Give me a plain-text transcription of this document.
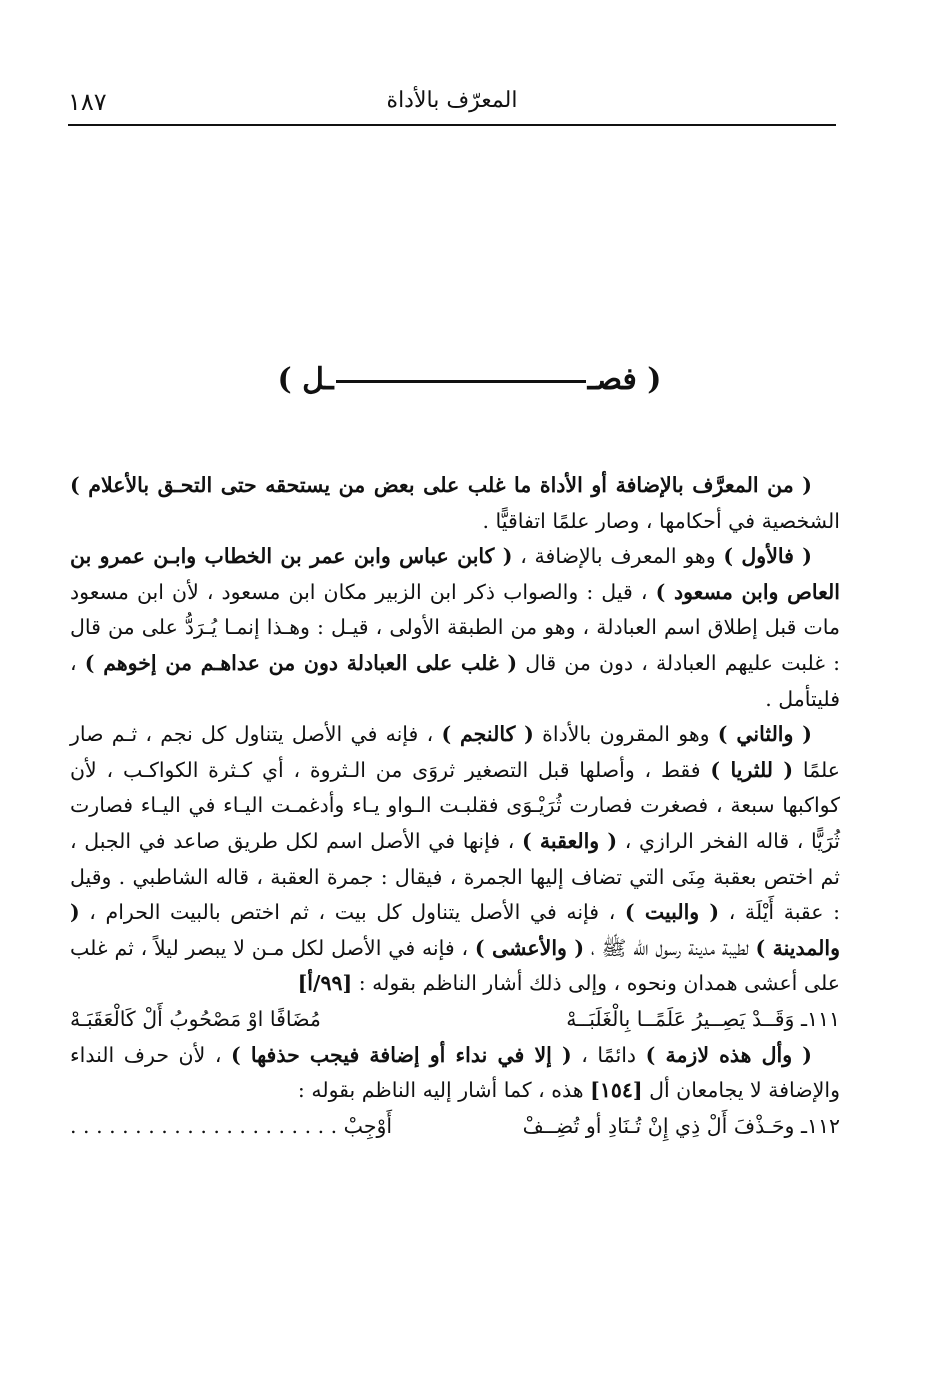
١٨٧	المعرّف بالأداة
( فصــل )

( من المعرَّف بالإضافة أو الأداة ما غلب على بعض من يستحقه حتى التحـق بالأعلام ) الشخصية في أحكامها ، وصار علمًا اتفاقيًّا .

( فالأول ) وهو المعرف بالإضافة ، ( كابن عباس وابن عمر بن الخطاب وابـن عمرو بن العاص وابن مسعود ) ، قيل : والصواب ذكر ابن الزبير مكان ابن مسعود ، لأن ابن مسعود مات قبل إطلاق اسم العبادلة ، وهو من الطبقة الأولى ، قيـل : وهـذا إنمـا يُـرَدُّ على من قال : غلبت عليهم العبادلة ، دون من قال ( غلب على العبادلة دون من عداهـم من إخوهم ) ، فليتأمل .

( والثاني ) وهو المقرون بالأداة ( كالنجم ) ، فإنه في الأصل يتناول كل نجم ، ثـم صار علمًا ( للثريا ) فقط ، وأصلها قبل التصغير ثروَى من الـثروة ، أي كـثرة الكواكـب ، لأن كواكبها سبعة ، فصغرت فصارت ثُرَيْـوَى فقلبـت الـواو يـاء وأدغمـت اليـاء في اليـاء فصارت ثُرَيًّا ، قاله الفخر الرازي ، ( والعقبة ) ، فإنها في الأصل اسم لكل طريق صاعد في الجبل ، ثم اختص بعقبة مِنَى التي تضاف إليها الجمرة ، فيقال : جمرة العقبة ، قاله الشاطبي . وقيل : عقبة أَيْلَة ، ( والبيت ) ، فإنه في الأصل يتناول كل بيت ، ثم اختص بالبيت الحرام ، ( والمدينة ) لطيبة مدينة رسول الله ﷺ ، ( والأعشى ) ، فإنه في الأصل لكل مـن لا يبصر ليلاً ، ثم غلب على أعشى همدان ونحوه ، وإلى ذلك أشار الناظم بقوله : [٩٩/أ]

١١١ـ وَقَــدْ يَصِــيرُ عَلَمًــا بِالْغَلَبَــهْ
مُضَافًا اوْ مَصْحُوبُ أَلْ كَالْعَقَبَـهْ

( وأل هذه لازمة ) دائمًا ، ( إلا في نداء أو إضافة فيجب حذفها ) ، لأن حرف النداء والإضافة لا يجامعان أل [١٥٤] هذه ، كما أشار إليه الناظم بقوله :

١١٢ـ وحَـذْفَ أَلْ ذِي إِنْ تُـنَادِ أو تُضِــفْ
أَوْجِبْ . . . . . . . . . . . . . . . . . . . . .
